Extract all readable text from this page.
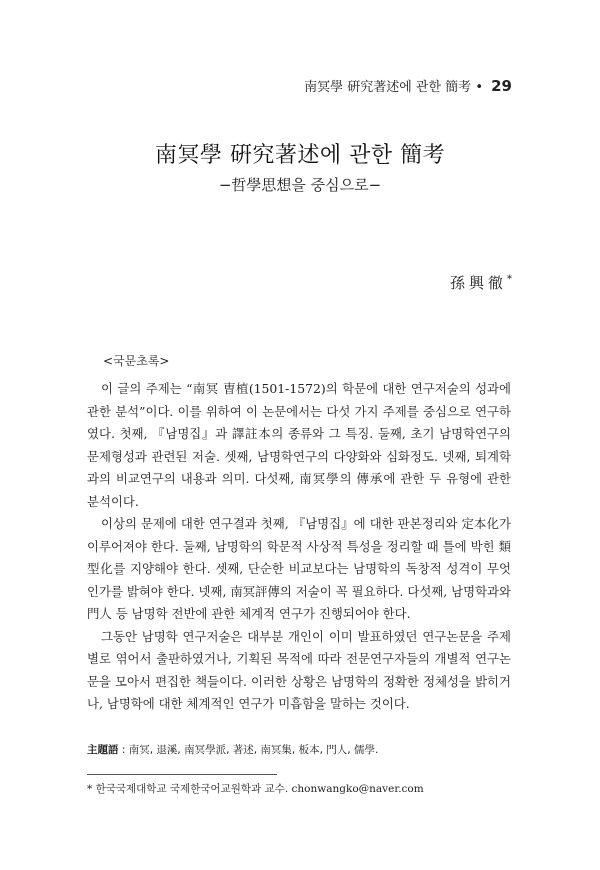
南冥學 硏究著述에 관한 簡考 • 29
南冥學 硏究著述에 관한 簡考
−哲學思想을 중심으로−
孫興徹*
<국문초록>

이 글의 주제는 “南冥 曺植(1501-1572)의 학문에 대한 연구저술의 성과에 관한 분석”이다. 이를 위하여 이 논문에서는 다섯 가지 주제를 중심으로 연구하였다. 첫째, 『남명집』과 譯註本의 종류와 그 특징. 둘째, 초기 남명학연구의 문제형성과 관련된 저술. 셋째, 남명학연구의 다양화와 심화정도. 넷째, 퇴계학과의 비교연구의 내용과 의미. 다섯째, 南冥學의 傳承에 관한 두 유형에 관한 분석이다.

이상의 문제에 대한 연구결과 첫째, 『남명집』에 대한 판본정리와 定本化가 이루어져야 한다. 둘째, 남명학의 학문적 사상적 특성을 정리할 때 틀에 박힌 類型化를 지양해야 한다. 셋째, 단순한 비교보다는 남명학의 독창적 성격이 무엇인가를 밝혀야 한다. 넷째, 南冥評傳의 저술이 꼭 필요하다. 다섯째, 남명학과와 門人 등 남명학 전반에 관한 체계적 연구가 진행되어야 한다.

그동안 남명학 연구저술은 대부분 개인이 이미 발표하였던 연구논문을 주제별로 엮어서 출판하였거나, 기획된 목적에 따라 전문연구자들의 개별적 연구논문을 모아서 편집한 책들이다. 이러한 상황은 남명학의 정확한 정체성을 밝히거나, 남명학에 대한 체계적인 연구가 미흡함을 말하는 것이다.

主題語 : 南冥, 退溪, 南冥學派, 著述, 南冥集, 板本, 門人, 儒學.
* 한국국제대학교 국제한국어교원학과 교수. chonwangko@naver.com
